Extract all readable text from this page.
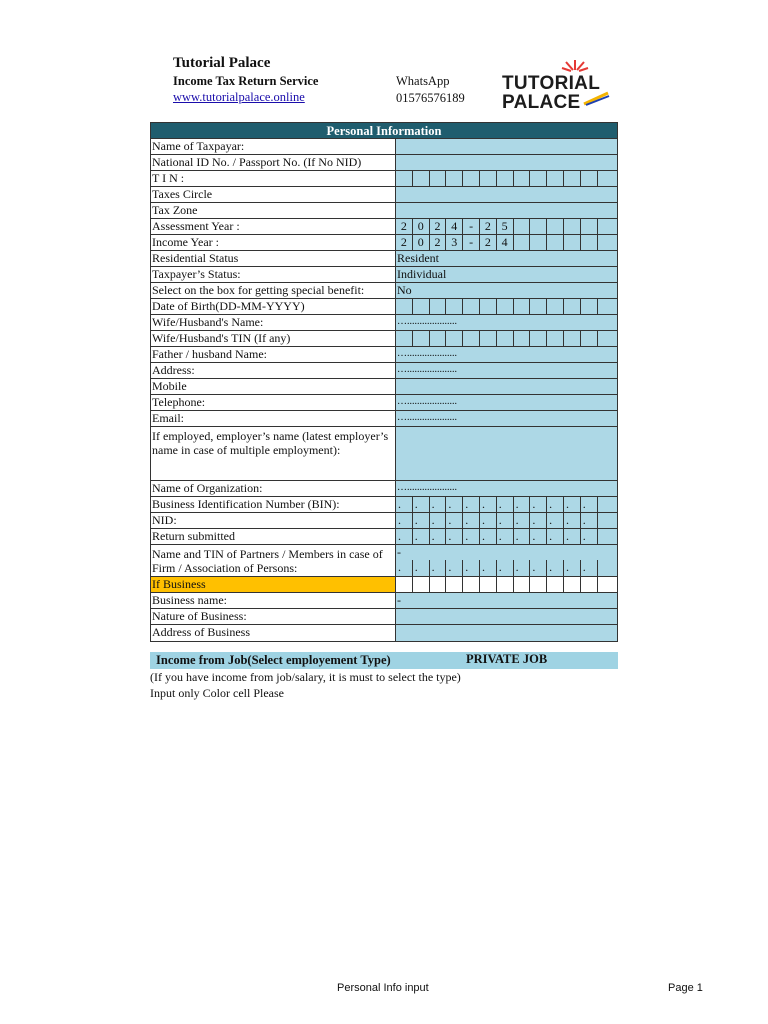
Tutorial Palace
Income Tax Return Service
www.tutorialpalace.online
WhatsApp
01576576189
TUTORIAL
PALACE
Personal Information
Name of Taxpayar:
National ID No. / Passport No. (If No NID)
T I N :
Taxes Circle
Tax Zone
Assessment Year :	2 0 2 4 - 2 5
Income Year :	2 0 2 3 - 2 4
Residential Status	Resident
Taxpayer’s Status:	Individual
Select on the box for getting special benefit:	No
Date of Birth(DD-MM-YYYY)
Wife/Husband's Name:	…....................
Wife/Husband's TIN (If any)
Father / husband Name:	…....................
Address:	…....................
Mobile
Telephone:	…....................
Email:	…....................
If employed, employer’s name (latest employer’s name in case of multiple employment):
Name of Organization:	…....................
Business Identification Number (BIN):	.	.	.	.	.	.	.	.	.	.	.	.
NID:	.	.	.	.	.	.	.	.	.	.	.	.
Return submitted	.	.	.	.	.	.	.	.	.	.	.	.
Name and TIN of Partners / Members in case of Firm / Association of Persons:
-
.	.	.	.	.	.	.	.	.	.	.	.
If Business
Business name:	-
Nature of Business:
Address of Business
Income from Job(Select employement Type)	PRIVATE JOB
(If you have income from job/salary, it is must to select the type)
Input only Color cell Please
Personal Info input	Page 1
